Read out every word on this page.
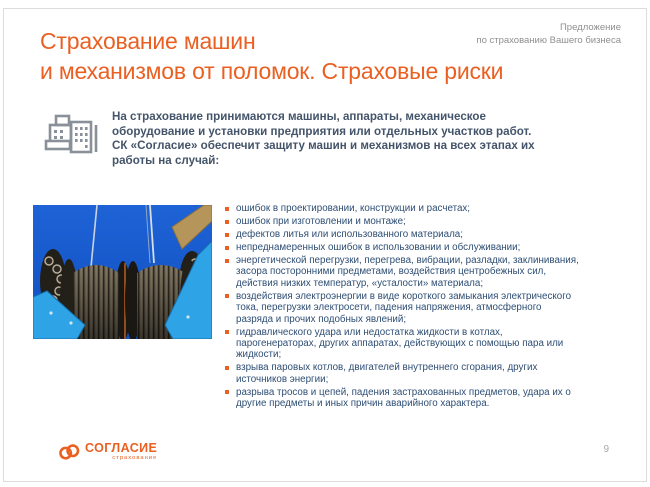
Страхование машин
и механизмов от поломок. Страховые риски
Предложение
по страхованию Вашего бизнеса
На страхование принимаются машины, аппараты, механическое
оборудование и установки предприятия или отдельных участков работ.
СК «Согласие» обеспечит защиту машин и механизмов на всех этапах их
работы на случай:
ошибок в проектировании, конструкции и расчетах;
ошибок при изготовлении и монтаже;
дефектов литья или использованного материала;
непреднамеренных ошибок в использовании и обслуживании;
энергетической перегрузки, перегрева, вибрации, разладки, заклинивания, засора посторонними предметами, воздействия центробежных сил, действия низких температур, «усталости» материала;
воздействия электроэнергии в виде короткого замыкания электрического тока, перегрузки электросети, падения напряжения, атмосферного разряда и прочих подобных явлений;
гидравлического удара или недостатка жидкости в котлах, парогенераторах, других аппаратах, действующих с помощью пара или жидкости;
взрыва паровых котлов, двигателей внутреннего сгорания, других источников энергии;
разрыва тросов и цепей, падения застрахованных предметов, удара их о другие предметы и иных причин аварийного характера.
СОГЛАСИЕ
страхование
9
